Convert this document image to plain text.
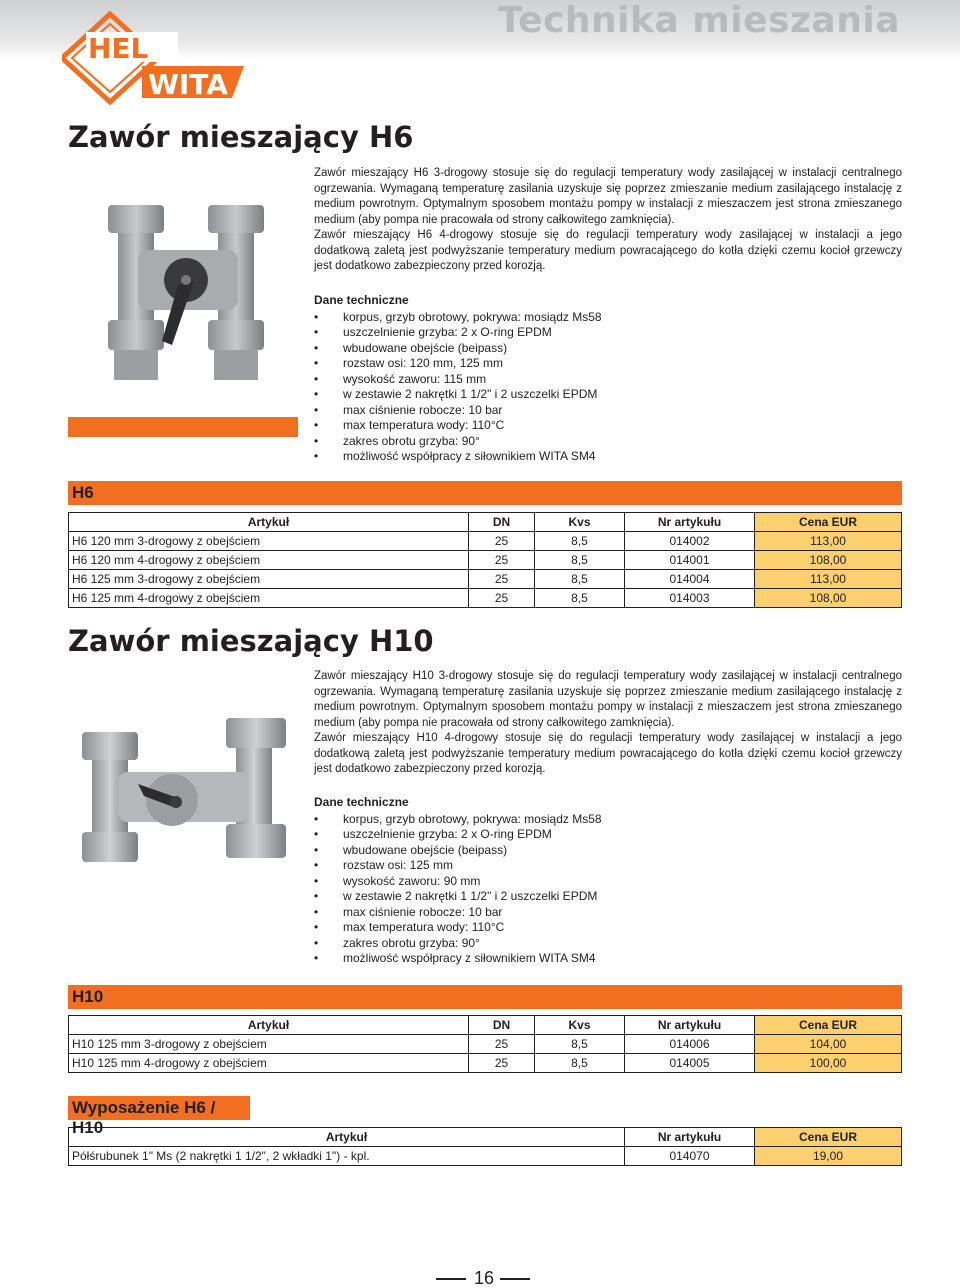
Technika mieszania
HEL
WITA
Zawór mieszający H6

Zawór mieszający H6 3-drogowy stosuje się do regulacji temperatury wody zasilającej w instalacji centralnego ogrzewania. Wymaganą temperaturę zasilania uzyskuje się poprzez zmieszanie medium zasilającego instalację z medium powrotnym. Optymalnym sposobem montażu pompy w instalacji z mieszaczem jest strona zmieszanego medium (aby pompa nie pracowała od strony całkowitego zamknięcia).

Zawór mieszający H6 4-drogowy stosuje się do regulacji temperatury wody zasilającej w instalacji a jego dodatkową zaletą jest podwyższanie temperatury medium powracającego do kotła dzięki czemu kocioł grzewczy jest dodatkowo zabezpieczony przed korozją.

Dane techniczne
• korpus, grzyb obrotowy, pokrywa: mosiądz Ms58
• uszczelnienie grzyba: 2 x O-ring EPDM
• wbudowane obejście (beipass)
• rozstaw osi: 120 mm, 125 mm
• wysokość zaworu: 115 mm
• w zestawie 2 nakrętki 1 1/2" i 2 uszczelki EPDM
• max ciśnienie robocze: 10 bar
• max temperatura wody: 110°C
• zakres obrotu grzyba: 90°
• możliwość współpracy z siłownikiem WITA SM4
H6
Artykuł	DN	Kvs	Nr artykułu	Cena EUR
H6 120 mm 3-drogowy z obejściem	25	8,5	014002	113,00
H6 120 mm 4-drogowy z obejściem	25	8,5	014001	108,00
H6 125 mm 3-drogowy z obejściem	25	8,5	014004	113,00
H6 125 mm 4-drogowy z obejściem	25	8,5	014003	108,00
Zawór mieszający H10

Zawór mieszający H10 3-drogowy stosuje się do regulacji temperatury wody zasilającej w instalacji centralnego ogrzewania. Wymaganą temperaturę zasilania uzyskuje się poprzez zmieszanie medium zasilającego instalację z medium powrotnym. Optymalnym sposobem montażu pompy w instalacji z mieszaczem jest strona zmieszanego medium (aby pompa nie pracowała od strony całkowitego zamknięcia).

Zawór mieszający H10 4-drogowy stosuje się do regulacji temperatury wody zasilającej w instalacji a jego dodatkową zaletą jest podwyższanie temperatury medium powracającego do kotła dzięki czemu kocioł grzewczy jest dodatkowo zabezpieczony przed korozją.

Dane techniczne
• korpus, grzyb obrotowy, pokrywa: mosiądz Ms58
• uszczelnienie grzyba: 2 x O-ring EPDM
• wbudowane obejście (beipass)
• rozstaw osi: 125 mm
• wysokość zaworu: 90 mm
• w zestawie 2 nakrętki 1 1/2" i 2 uszczelki EPDM
• max ciśnienie robocze: 10 bar
• max temperatura wody: 110°C
• zakres obrotu grzyba: 90°
• możliwość współpracy z siłownikiem WITA SM4
H10
Artykuł	DN	Kvs	Nr artykułu	Cena EUR
H10 125 mm 3-drogowy z obejściem	25	8,5	014006	104,00
H10 125 mm 4-drogowy z obejściem	25	8,5	014005	100,00
Wyposażenie H6 / H10	Artykuł	Nr artykułu	Cena EUR
Półśrubunek 1" Ms (2 nakrętki 1 1/2", 2 wkładki 1") - kpl.	014070	19,00
16
